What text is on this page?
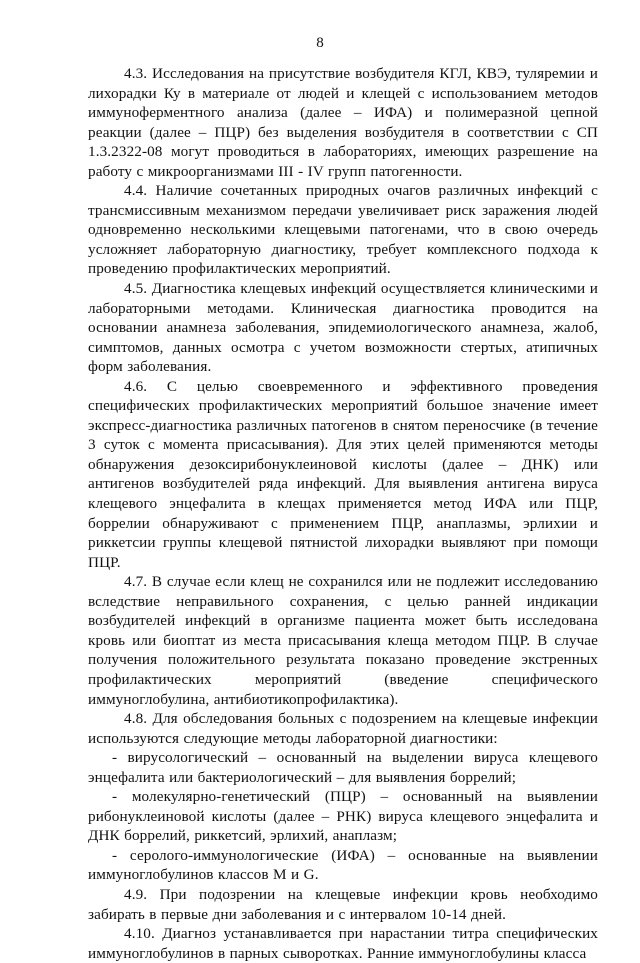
8

4.3. Исследования на присутствие возбудителя КГЛ, КВЭ, туляремии и лихорадки Ку в материале от людей и клещей с использованием методов иммуноферментного анализа (далее – ИФА) и полимеразной цепной реакции (далее – ПЦР) без выделения возбудителя в соответствии с СП 1.3.2322-08 могут проводиться в лабораториях, имеющих разрешение на работу с микроорганизмами III - IV групп патогенности.

4.4. Наличие сочетанных природных очагов различных инфекций с трансмиссивным механизмом передачи увеличивает риск заражения людей одновременно несколькими клещевыми патогенами, что в свою очередь усложняет лабораторную диагностику, требует комплексного подхода к проведению профилактических мероприятий.

4.5. Диагностика клещевых инфекций осуществляется клиническими и лабораторными методами. Клиническая диагностика проводится на основании анамнеза заболевания, эпидемиологического анамнеза, жалоб, симптомов, данных осмотра с учетом возможности стертых, атипичных форм заболевания.

4.6. С целью своевременного и эффективного проведения специфических профилактических мероприятий большое значение имеет экспресс-диагностика различных патогенов в снятом переносчике (в течение 3 суток с момента присасывания). Для этих целей применяются методы обнаружения дезоксирибонуклеиновой кислоты (далее – ДНК) или антигенов возбудителей ряда инфекций. Для выявления антигена вируса клещевого энцефалита в клещах применяется метод ИФА или ПЦР, боррелии обнаруживают с применением ПЦР, анаплазмы, эрлихии и риккетсии группы клещевой пятнистой лихорадки выявляют при помощи ПЦР.

4.7. В случае если клещ не сохранился или не подлежит исследованию вследствие неправильного сохранения, с целью ранней индикации возбудителей инфекций в организме пациента может быть исследована кровь или биоптат из места присасывания клеща методом ПЦР. В случае получения положительного результата показано проведение экстренных профилактических мероприятий (введение специфического иммуноглобулина, антибиотикопрофилактика).

4.8. Для обследования больных с подозрением на клещевые инфекции используются следующие методы лабораторной диагностики:

- вирусологический – основанный на выделении вируса клещевого энцефалита или бактериологический – для выявления боррелий;

- молекулярно-генетический (ПЦР) – основанный на выявлении рибонуклеиновой кислоты (далее – РНК) вируса клещевого энцефалита и ДНК боррелий, риккетсий, эрлихий, анаплазм;

- серолого-иммунологические (ИФА) – основанные на выявлении иммуноглобулинов классов M и G.

4.9. При подозрении на клещевые инфекции кровь необходимо забирать в первые дни заболевания и с интервалом 10-14 дней.

4.10. Диагноз устанавливается при нарастании титра специфических иммуноглобулинов в парных сыворотках. Ранние иммуноглобулины класса
